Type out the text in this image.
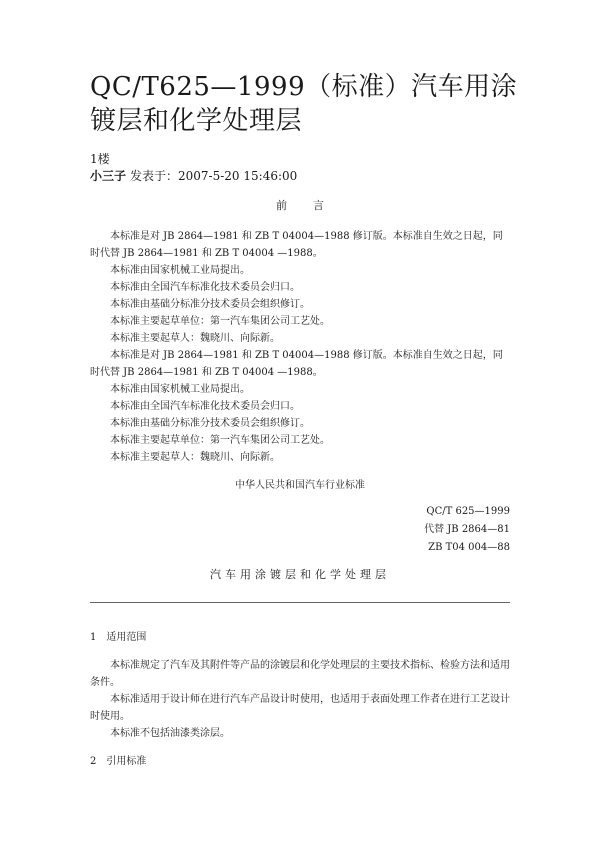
QC/T625—1999（标准）汽车用涂镀层和化学处理层
1楼
小三子 发表于：2007-5-20 15:46:00
前言

本标准是对 JB 2864—1981 和 ZB T 04004—1988 修订版。本标准自生效之日起，同时代替 JB 2864—1981 和 ZB T 04004 —1988。

本标准由国家机械工业局提出。

本标准由全国汽车标准化技术委员会归口。

本标准由基础分标准分技术委员会组织修订。

本标准主要起草单位：第一汽车集团公司工艺处。

本标准主要起草人：魏晓川、向际新。

本标准是对 JB 2864—1981 和 ZB T 04004—1988 修订版。本标准自生效之日起，同时代替 JB 2864—1981 和 ZB T 04004 —1988。

本标准由国家机械工业局提出。

本标准由全国汽车标准化技术委员会归口。

本标准由基础分标准分技术委员会组织修订。

本标准主要起草单位：第一汽车集团公司工艺处。

本标准主要起草人：魏晓川、向际新。

中华人民共和国汽车行业标准

QC/T 625—1999

代替 JB 2864—81

ZB T04 004—88

汽车用涂镀层和化学处理层
1 适用范围

本标准规定了汽车及其附件等产品的涂镀层和化学处理层的主要技术指标、检验方法和适用条件。

本标准适用于设计师在进行汽车产品设计时使用，也适用于表面处理工作者在进行工艺设计时使用。

本标准不包括油漆类涂层。

2 引用标准
